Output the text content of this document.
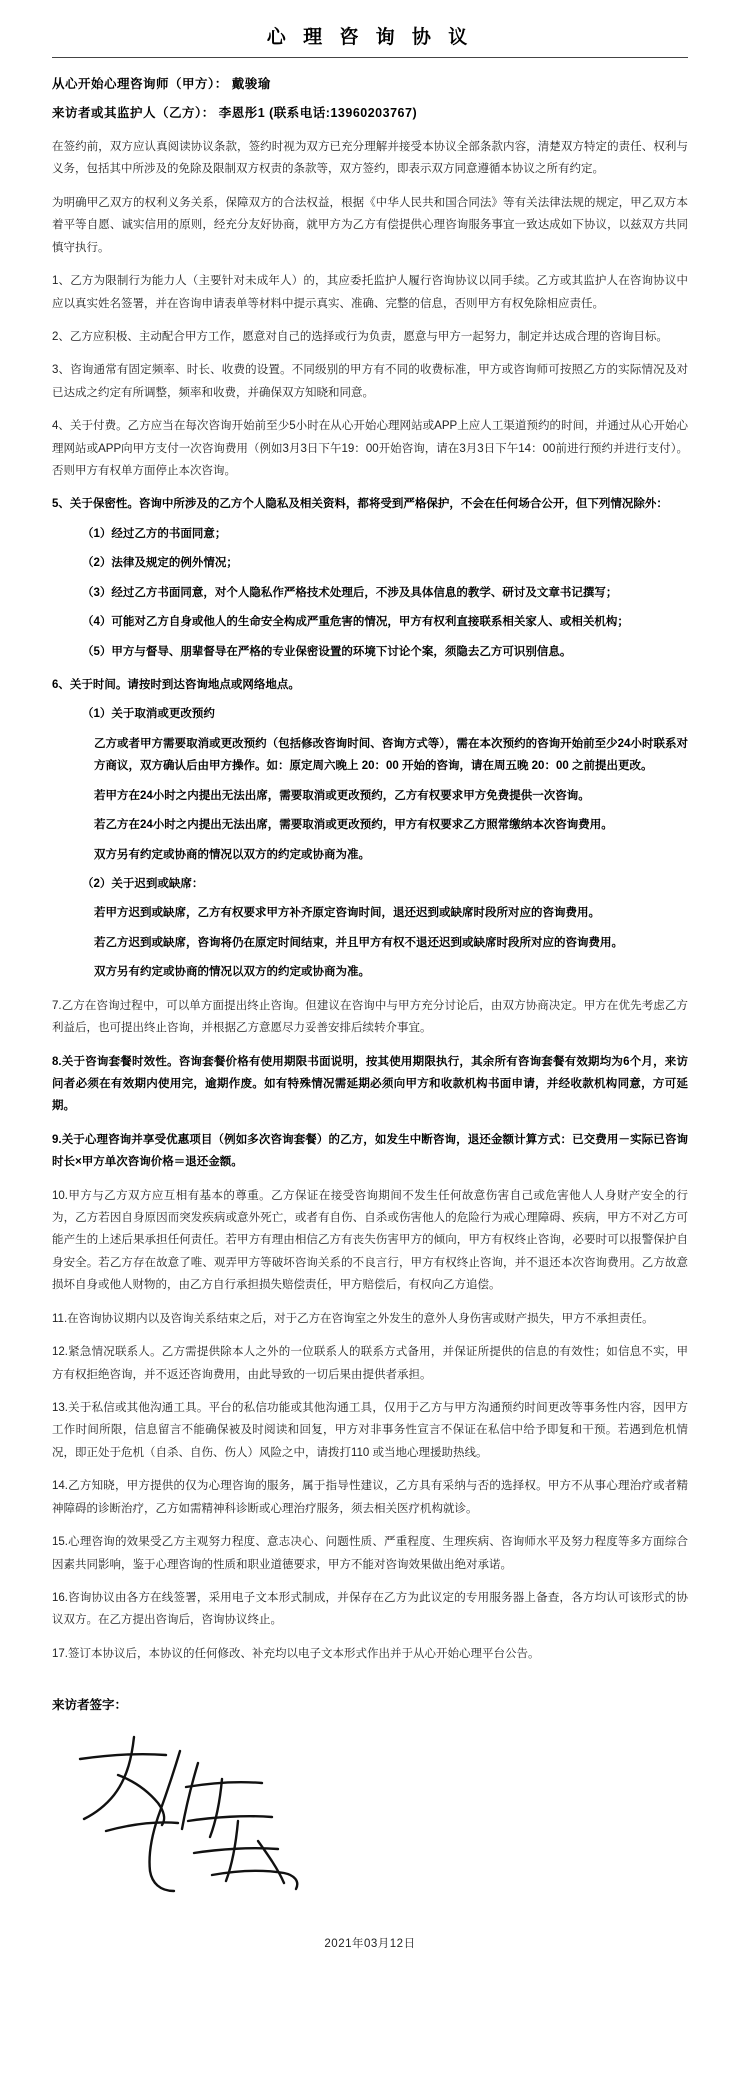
心 理 咨 询 协 议
从心开始心理咨询师（甲方）： 戴骏瑜
来访者或其监护人（乙方）： 李恩彤1 (联系电话:13960203767)

在签约前，双方应认真阅读协议条款，签约时视为双方已充分理解并接受本协议全部条款内容，清楚双方特定的责任、权利与义务，包括其中所涉及的免除及限制双方权责的条款等，双方签约，即表示双方同意遵循本协议之所有约定。

为明确甲乙双方的权利义务关系，保障双方的合法权益，根据《中华人民共和国合同法》等有关法律法规的规定，甲乙双方本着平等自愿、诚实信用的原则，经充分友好协商，就甲方为乙方有偿提供心理咨询服务事宜一致达成如下协议，以兹双方共同慎守执行。

1、乙方为限制行为能力人（主要针对未成年人）的，其应委托监护人履行咨询协议以同手续。乙方或其监护人在咨询协议中应以真实姓名签署，并在咨询申请表单等材料中提示真实、准确、完整的信息，否则甲方有权免除相应责任。

2、乙方应积极、主动配合甲方工作，愿意对自己的选择或行为负责，愿意与甲方一起努力，制定并达成合理的咨询目标。

3、咨询通常有固定频率、时长、收费的设置。不同级别的甲方有不同的收费标准，甲方或咨询师可按照乙方的实际情况及对已达成之约定有所调整，频率和收费，并确保双方知晓和同意。

4、关于付费。乙方应当在每次咨询开始前至少5小时在从心开始心理网站或APP上应人工渠道预约的时间，并通过从心开始心理网站或APP向甲方支付一次咨询费用（例如3月3日下午19：00开始咨询，请在3月3日下午14：00前进行预约并进行支付）。否则甲方有权单方面停止本次咨询。

5、关于保密性。咨询中所涉及的乙方个人隐私及相关资料，都将受到严格保护，不会在任何场合公开，但下列情况除外：

（1）经过乙方的书面同意；

（2）法律及规定的例外情况；

（3）经过乙方书面同意，对个人隐私作严格技术处理后，不涉及具体信息的教学、研讨及文章书记撰写；

（4）可能对乙方自身或他人的生命安全构成严重危害的情况，甲方有权利直接联系相关家人、或相关机构；

（5）甲方与督导、朋辈督导在严格的专业保密设置的环境下讨论个案，须隐去乙方可识别信息。

6、关于时间。请按时到达咨询地点或网络地点。

（1）关于取消或更改预约

乙方或者甲方需要取消或更改预约（包括修改咨询时间、咨询方式等），需在本次预约的咨询开始前至少24小时联系对方商议，双方确认后由甲方操作。如：原定周六晚上 20：00 开始的咨询，请在周五晚 20：00 之前提出更改。

若甲方在24小时之内提出无法出席，需要取消或更改预约，乙方有权要求甲方免费提供一次咨询。

若乙方在24小时之内提出无法出席，需要取消或更改预约，甲方有权要求乙方照常缴纳本次咨询费用。

双方另有约定或协商的情况以双方的约定或协商为准。

（2）关于迟到或缺席：

若甲方迟到或缺席，乙方有权要求甲方补齐原定咨询时间，退还迟到或缺席时段所对应的咨询费用。

若乙方迟到或缺席，咨询将仍在原定时间结束，并且甲方有权不退还迟到或缺席时段所对应的咨询费用。

双方另有约定或协商的情况以双方的约定或协商为准。

7.乙方在咨询过程中，可以单方面提出终止咨询。但建议在咨询中与甲方充分讨论后，由双方协商决定。甲方在优先考虑乙方利益后，也可提出终止咨询，并根据乙方意愿尽力妥善安排后续转介事宜。

8.关于咨询套餐时效性。咨询套餐价格有使用期限书面说明，按其使用期限执行，其余所有咨询套餐有效期均为6个月，来访问者必须在有效期内使用完，逾期作废。如有特殊情况需延期必须向甲方和收款机构书面申请，并经收款机构同意，方可延期。

9.关于心理咨询并享受优惠项目（例如多次咨询套餐）的乙方，如发生中断咨询，退还金额计算方式：已交费用－实际已咨询时长×甲方单次咨询价格＝退还金额。

10.甲方与乙方双方应互相有基本的尊重。乙方保证在接受咨询期间不发生任何故意伤害自己或危害他人人身财产安全的行为，乙方若因自身原因而突发疾病或意外死亡，或者有自伤、自杀或伤害他人的危险行为戒心理障碍、疾病，甲方不对乙方可能产生的上述后果承担任何责任。若甲方有理由相信乙方有丧失伤害甲方的倾向，甲方有权终止咨询，必要时可以报警保护自身安全。若乙方存在故意了唯、观弄甲方等破坏咨询关系的不良言行，甲方有权终止咨询，并不退还本次咨询费用。乙方故意损坏自身或他人财物的，由乙方自行承担损失赔偿责任，甲方赔偿后，有权向乙方追偿。

11.在咨询协议期内以及咨询关系结束之后，对于乙方在咨询室之外发生的意外人身伤害或财产损失，甲方不承担责任。

12.紧急情况联系人。乙方需提供除本人之外的一位联系人的联系方式备用，并保证所提供的信息的有效性；如信息不实，甲方有权拒绝咨询，并不返还咨询费用，由此导致的一切后果由提供者承担。

13.关于私信或其他沟通工具。平台的私信功能或其他沟通工具，仅用于乙方与甲方沟通预约时间更改等事务性内容，因甲方工作时间所限，信息留言不能确保被及时阅读和回复，甲方对非事务性宣言不保证在私信中给予即复和干预。若遇到危机情况，即正处于危机（自杀、自伤、伤人）风险之中，请拨打110 或当地心理援助热线。

14.乙方知晓，甲方提供的仅为心理咨询的服务，属于指导性建议，乙方具有采纳与否的选择权。甲方不从事心理治疗或者精神障碍的诊断治疗，乙方如需精神科诊断或心理治疗服务，须去相关医疗机构就诊。

15.心理咨询的效果受乙方主观努力程度、意志决心、问题性质、严重程度、生理疾病、咨询师水平及努力程度等多方面综合因素共同影响，鉴于心理咨询的性质和职业道德要求，甲方不能对咨询效果做出绝对承诺。

16.咨询协议由各方在线签署，采用电子文本形式制成，并保存在乙方为此议定的专用服务器上备查，各方均认可该形式的协议双方。在乙方提出咨询后，咨询协议终止。

17.签订本协议后，本协议的任何修改、补充均以电子文本形式作出并于从心开始心理平台公告。

来访者签字：
2021年03月12日
